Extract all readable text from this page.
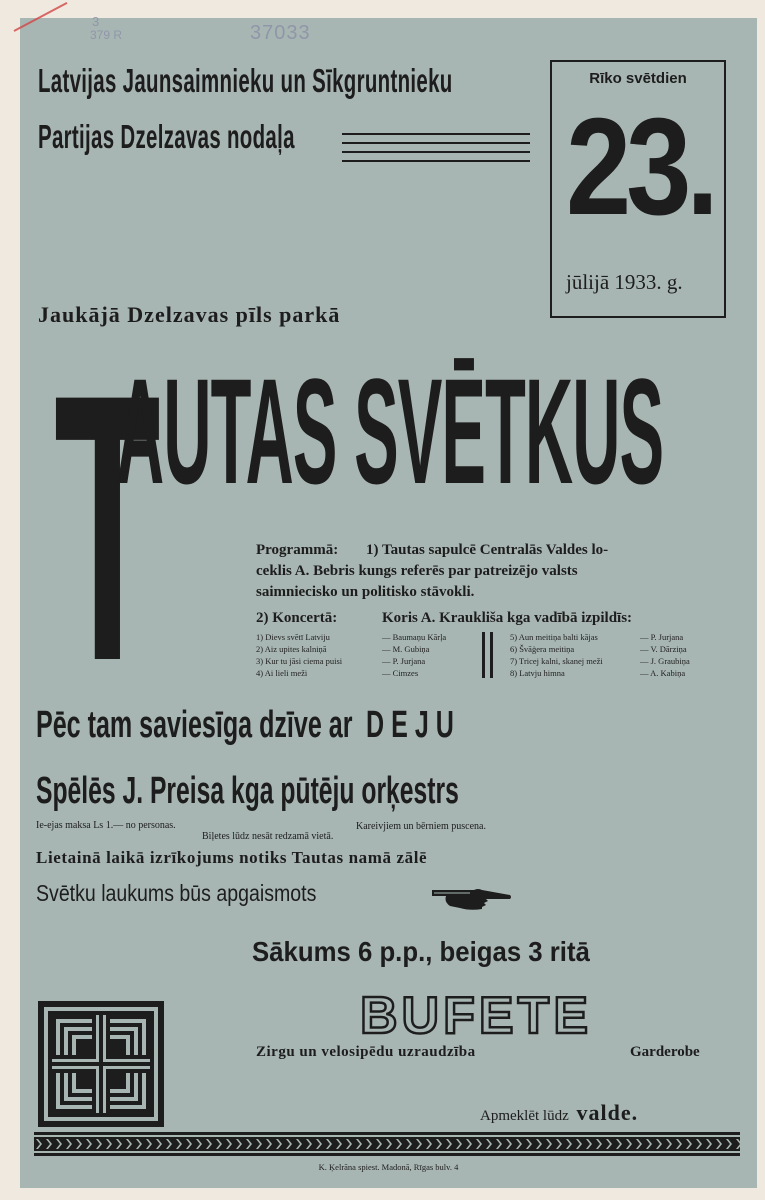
3
379 R	37033
Latvijas Jaunsaimnieku un Sīkgruntnieku
Partijas Dzelzavas nodaļa
Rīko svētdien
23.
jūlijā 1933. g.
Jaukājā Dzelzavas pīls parkā
T
AUTAS SVĒTKUS
Programmā: 1) Tautas sapulcē Centralās Valdes lo-
ceklis A. Bebris kungs referēs par patreizējo valsts
saimniecisko un politisko stāvokli.
2) Koncertā:	Koris A. Kraukliša kga vadībā izpildīs:
1) Dievs svētī Latviju	— Baumaņu Kārļa
2) Aiz upites kalniņā	— M. Gubiņa
3) Kur tu jāsi ciema puisi	— P. Jurjana
4) Ai lieli meži	— Cimzes
5) Aun meitiņa balti kājas	— P. Jurjana
6) Švāģera meitiņa	— V. Dārziņa
7) Tricej kalni, skanej meži	— J. Graubiņa
8) Latvju himna	— A. Kabiņa
Pēc tam saviesīga dzīve ar D E J U
Spēlēs J. Preisa kga pūtēju orķestrs
Ie-ejas maksa Ls 1.— no personas.	Kareivjiem un bērniem puscena.
Biļetes lūdz nesāt redzamā vietā.
Lietainā laikā izrīkojums notiks Tautas namā zālē
Svētku laukums būs apgaismots
Sākums 6 p.p., beigas 3 ritā
BUFETE
Zirgu un velosipēdu uzraudzība	Garderobe
Apmeklēt lūdz valde.
K. Ķelrāna spiest. Madonā, Rīgas bulv. 4
